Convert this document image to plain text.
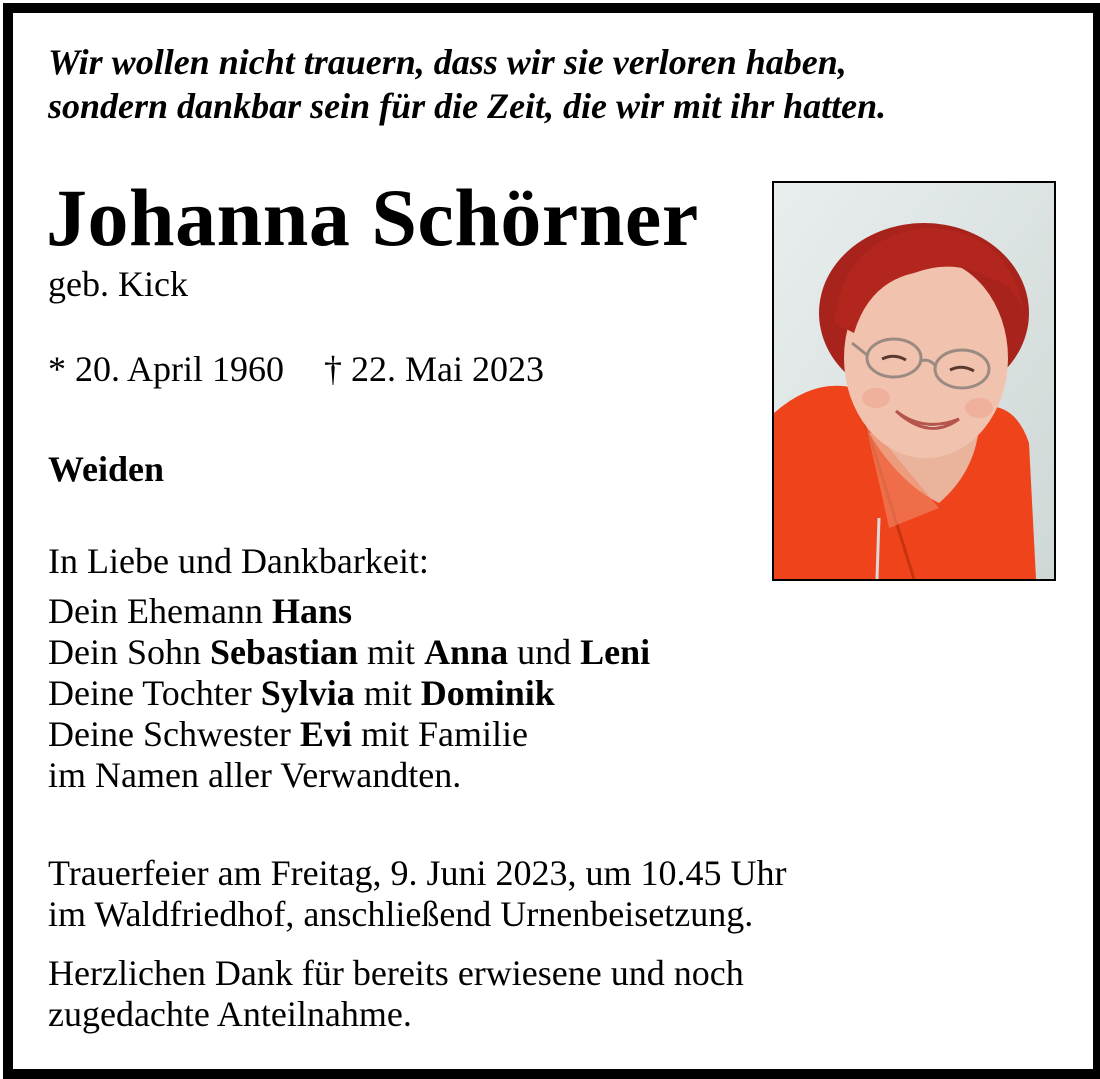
Wir wollen nicht trauern, dass wir sie verloren haben,
sondern dankbar sein für die Zeit, die wir mit ihr hatten.
Johanna Schörner
geb. Kick
* 20. April 1960 † 22. Mai 2023
Weiden
In Liebe und Dankbarkeit:
Dein Ehemann Hans
Dein Sohn Sebastian mit Anna und Leni
Deine Tochter Sylvia mit Dominik
Deine Schwester Evi mit Familie
im Namen aller Verwandten.
Trauerfeier am Freitag, 9. Juni 2023, um 10.45 Uhr
im Waldfriedhof, anschließend Urnenbeisetzung.
Herzlichen Dank für bereits erwiesene und noch
zugedachte Anteilnahme.
